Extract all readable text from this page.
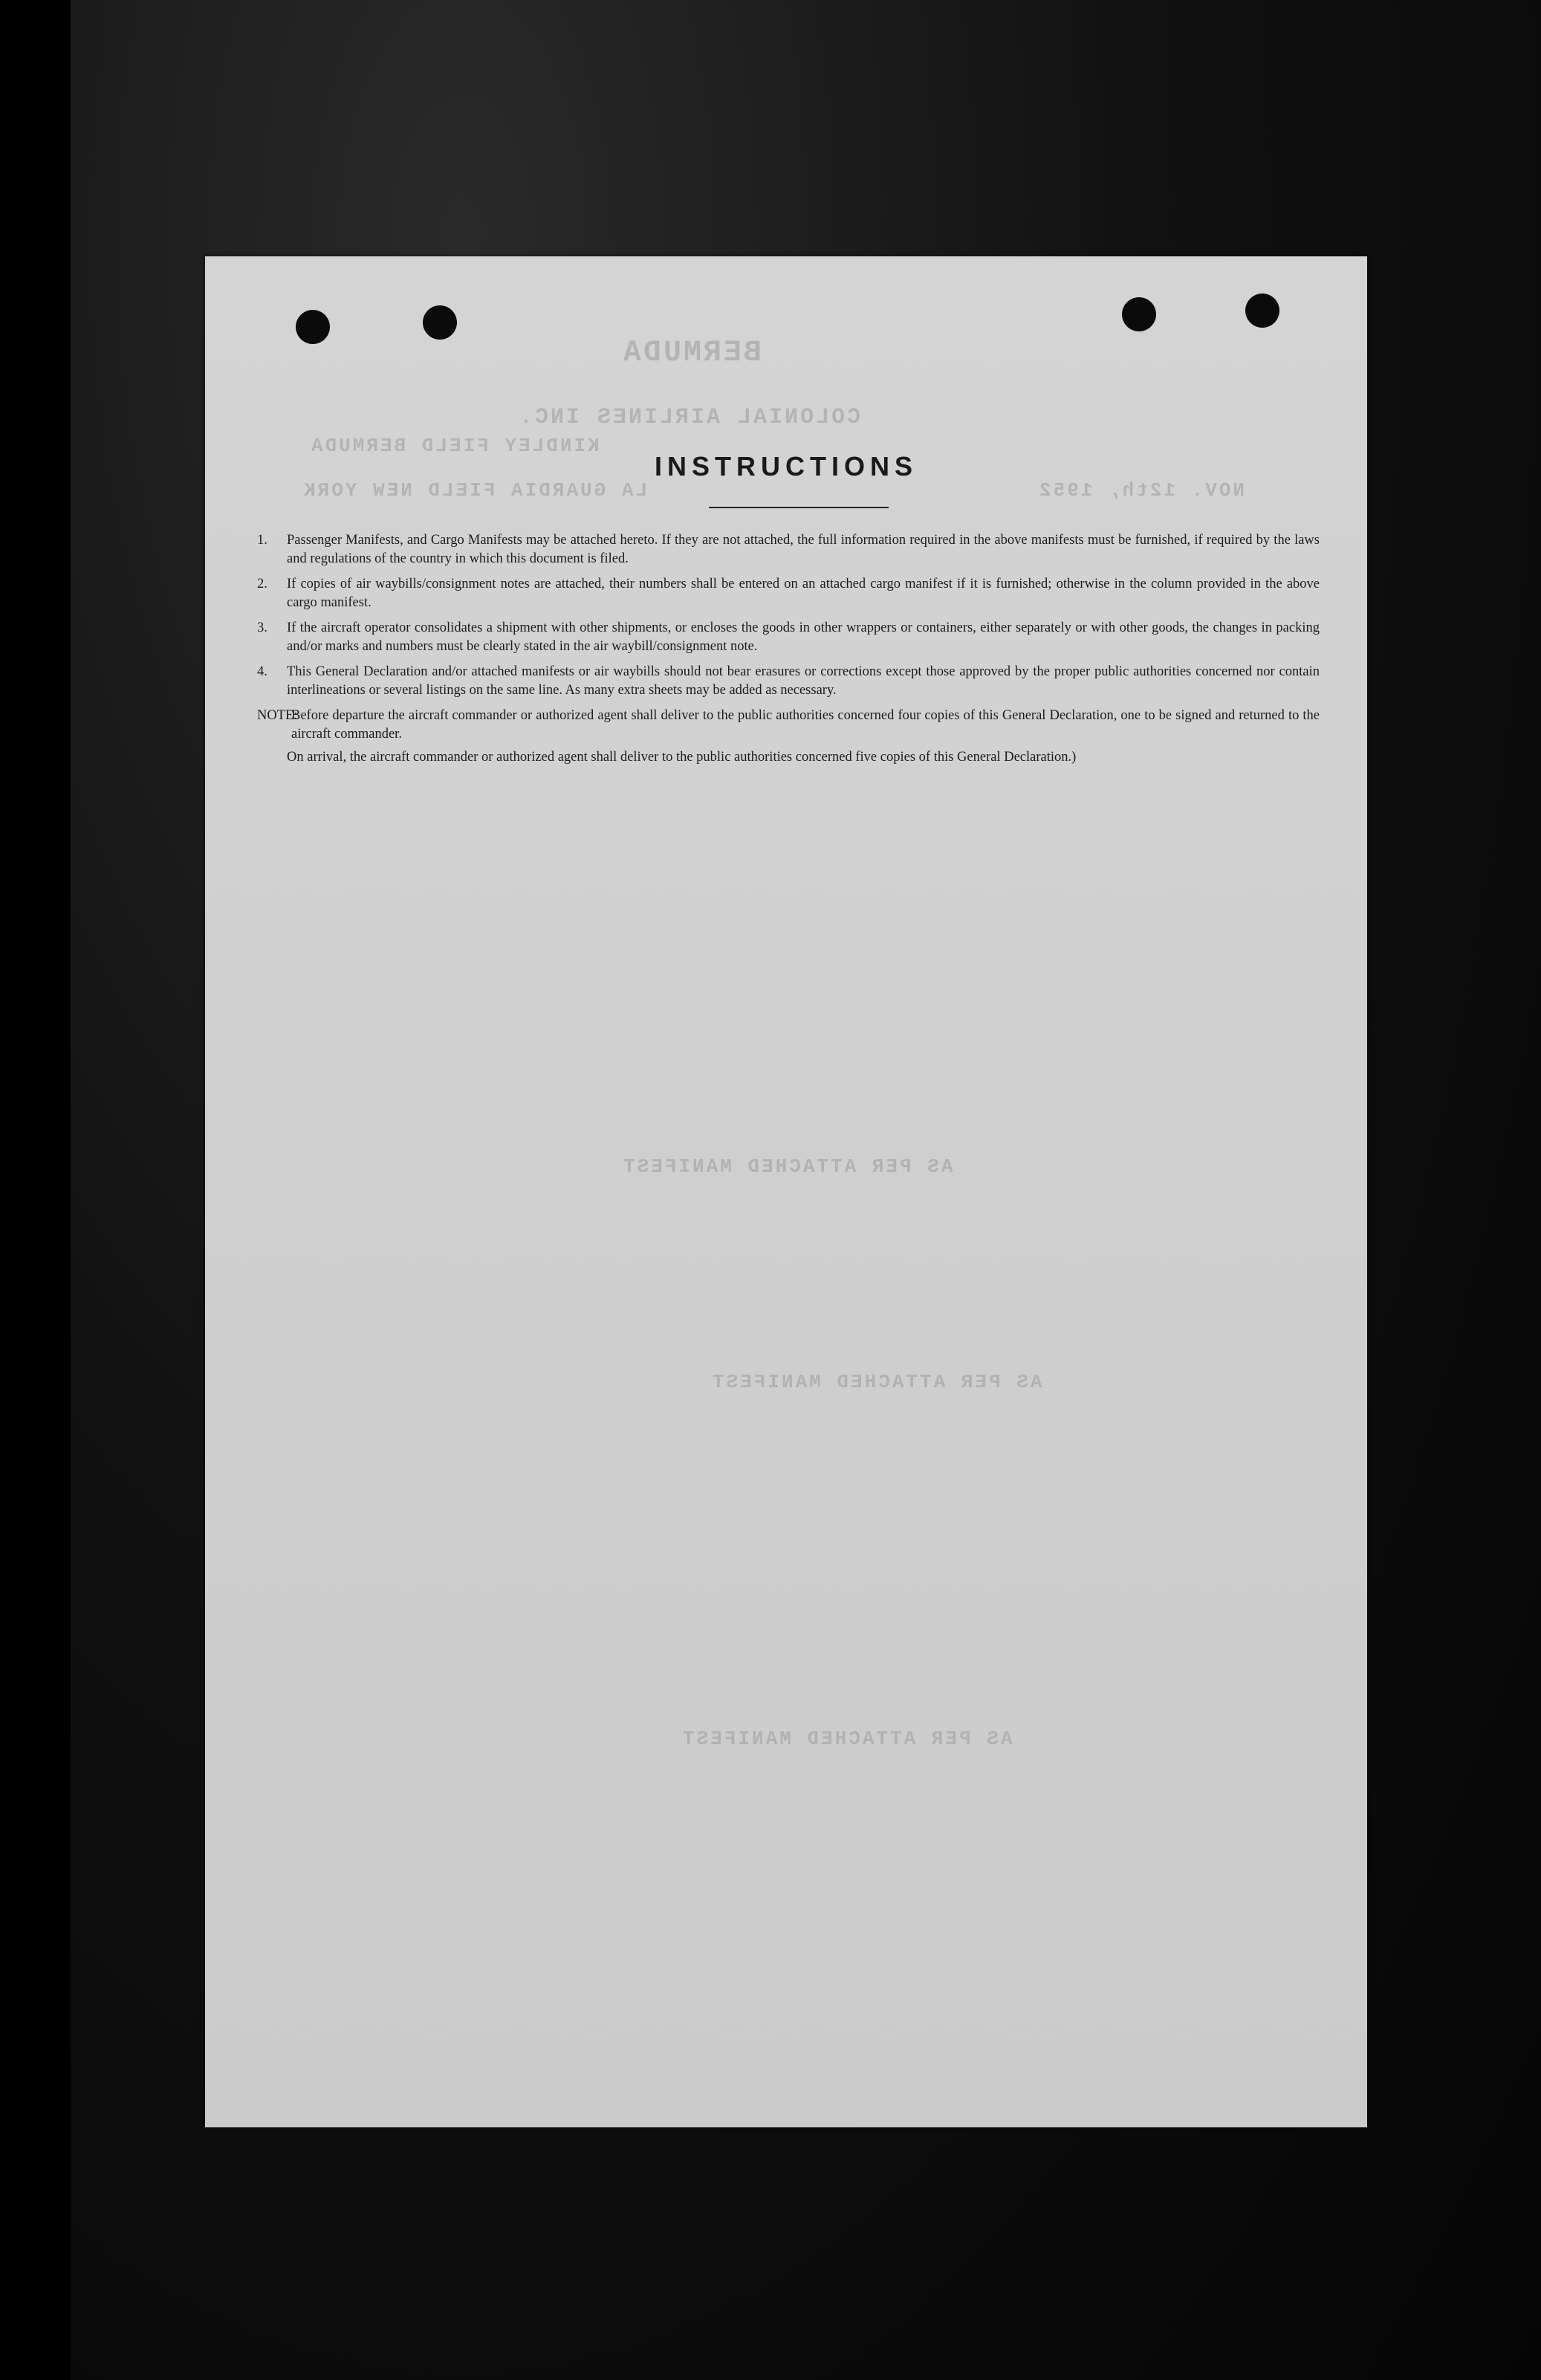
BERMUDA
COLONIAL AIRLINES INC.
KINDLEY FIELD BERMUDA
LA GUARDIA FIELD NEW YORK	NOV. 12th, 1952
AS PER ATTACHED MANIFEST
AS PER ATTACHED MANIFEST
AS PER ATTACHED MANIFEST
INSTRUCTIONS
1.	Passenger Manifests, and Cargo Manifests may be attached hereto. If they are not attached, the full information required in the above manifests must be furnished, if required by the laws and regulations of the country in which this document is filed.
2.	If copies of air waybills/consignment notes are attached, their numbers shall be entered on an attached cargo manifest if it is furnished; otherwise in the column provided in the above cargo manifest.
3.	If the aircraft operator consolidates a shipment with other shipments, or encloses the goods in other wrappers or containers, either separately or with other goods, the changes in packing and/or marks and numbers must be clearly stated in the air waybill/consignment note.
4.	This General Declaration and/or attached manifests or air waybills should not bear erasures or corrections except those approved by the proper public authorities concerned nor contain interlineations or several listings on the same line. As many extra sheets may be added as necessary.
NOTE:
Before departure the aircraft commander or authorized agent shall deliver to the public authorities concerned four copies of this General Declaration, one to be signed and returned to the aircraft commander.
On arrival, the aircraft commander or authorized agent shall deliver to the public authorities concerned five copies of this General Declaration.)
